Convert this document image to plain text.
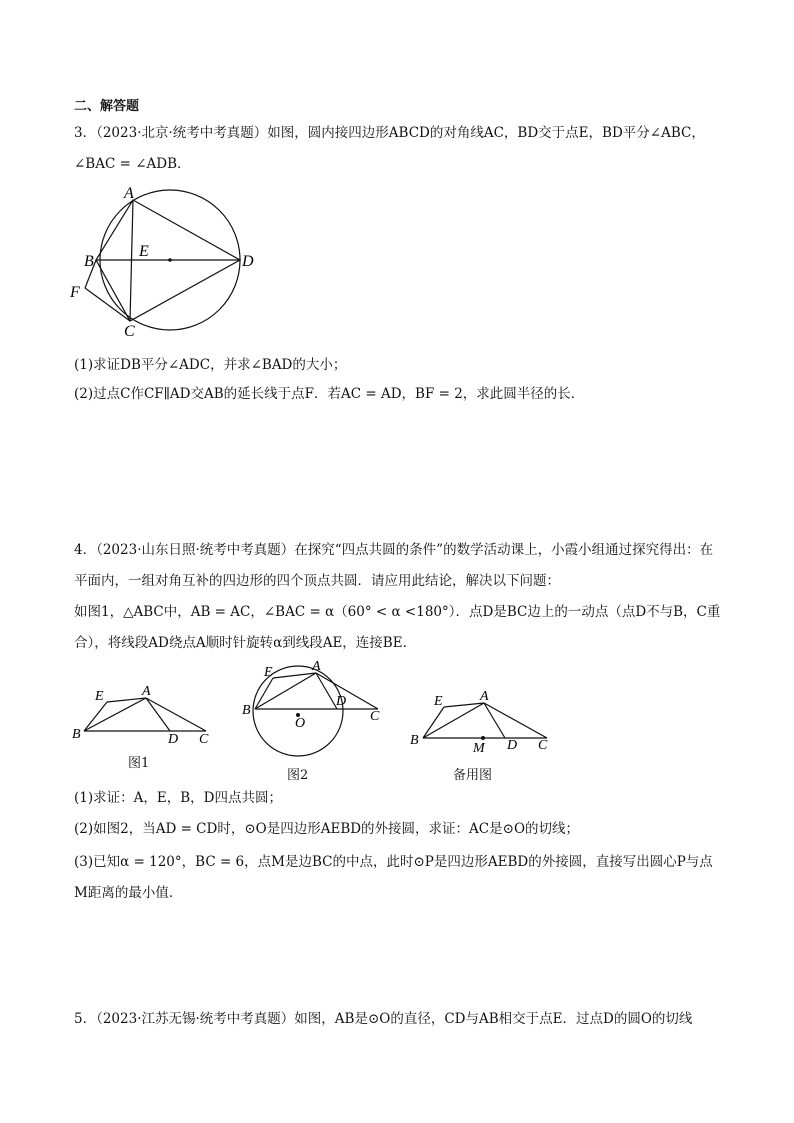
二、解答题
3．（2023·北京·统考中考真题）如图，圆内接四边形ABCD的对角线AC，BD交于点E，BD平分∠ABC，
∠BAC = ∠ADB．
A
B
E
D
F
C
(1)求证DB平分∠ADC，并求∠BAD的大小；
(2)过点C作CF∥AD交AB的延长线于点F．若AC = AD，BF = 2，求此圆半径的长．
4．（2023·山东日照·统考中考真题）在探究“四点共圆的条件”的数学活动课上，小霞小组通过探究得出：在
平面内，一组对角互补的四边形的四个顶点共圆．请应用此结论，解决以下问题：
如图1，△ABC中，AB = AC，∠BAC = α（60° < α <180°）．点D是BC边上的一动点（点D不与B，C重
合），将线段AD绕点A顺时针旋转α到线段AE，连接BE．
E	A
B	D C
图1
E	A
B
D
C
O
图2
E	A
B
M D C
备用图
(1)求证：A，E，B，D四点共圆；
(2)如图2，当AD = CD时，⊙O是四边形AEBD的外接圆，求证：AC是⊙O的切线；
(3)已知α = 120°，BC = 6，点M是边BC的中点，此时⊙P是四边形AEBD的外接圆，直接写出圆心P与点
M距离的最小值．
5．（2023·江苏无锡·统考中考真题）如图，AB是⊙O的直径，CD与AB相交于点E．过点D的圆O的切线
